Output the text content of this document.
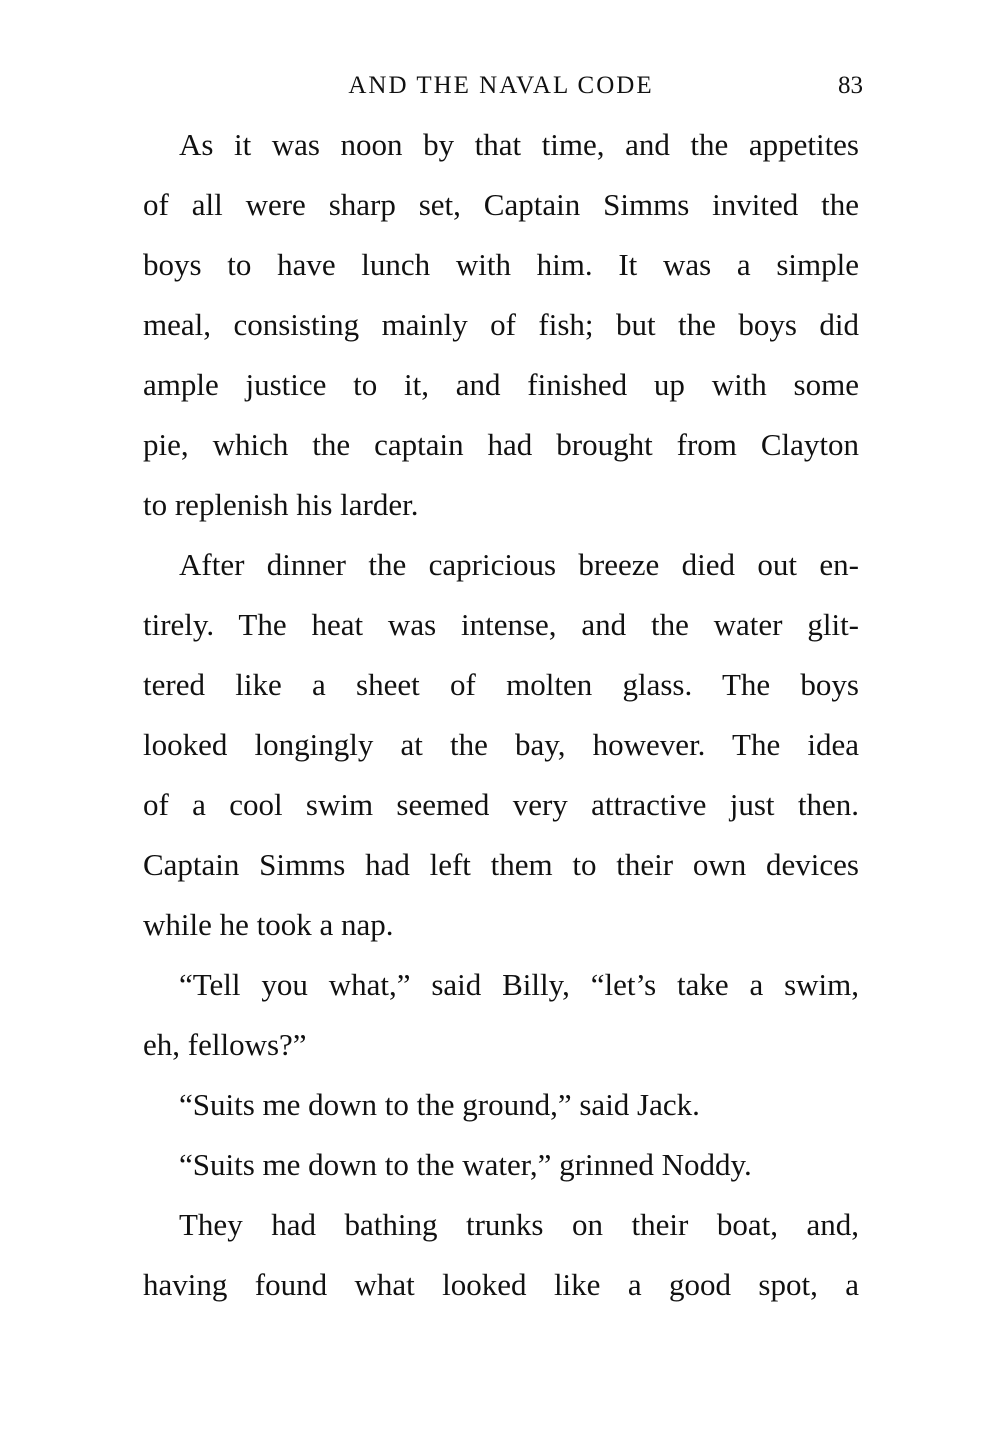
AND THE NAVAL CODE	83
As it was noon by that time, and the appetites
of all were sharp set, Captain Simms invited the
boys to have lunch with him. It was a simple
meal, consisting mainly of fish; but the boys did
ample justice to it, and finished up with some
pie, which the captain had brought from Clayton
to replenish his larder.
After dinner the capricious breeze died out en-
tirely. The heat was intense, and the water glit-
tered like a sheet of molten glass. The boys
looked longingly at the bay, however. The idea
of a cool swim seemed very attractive just then.
Captain Simms had left them to their own devices
while he took a nap.
“Tell you what,” said Billy, “let’s take a swim,
eh, fellows?”
“Suits me down to the ground,” said Jack.
“Suits me down to the water,” grinned Noddy.
They had bathing trunks on their boat, and,
having found what looked like a good spot, a
